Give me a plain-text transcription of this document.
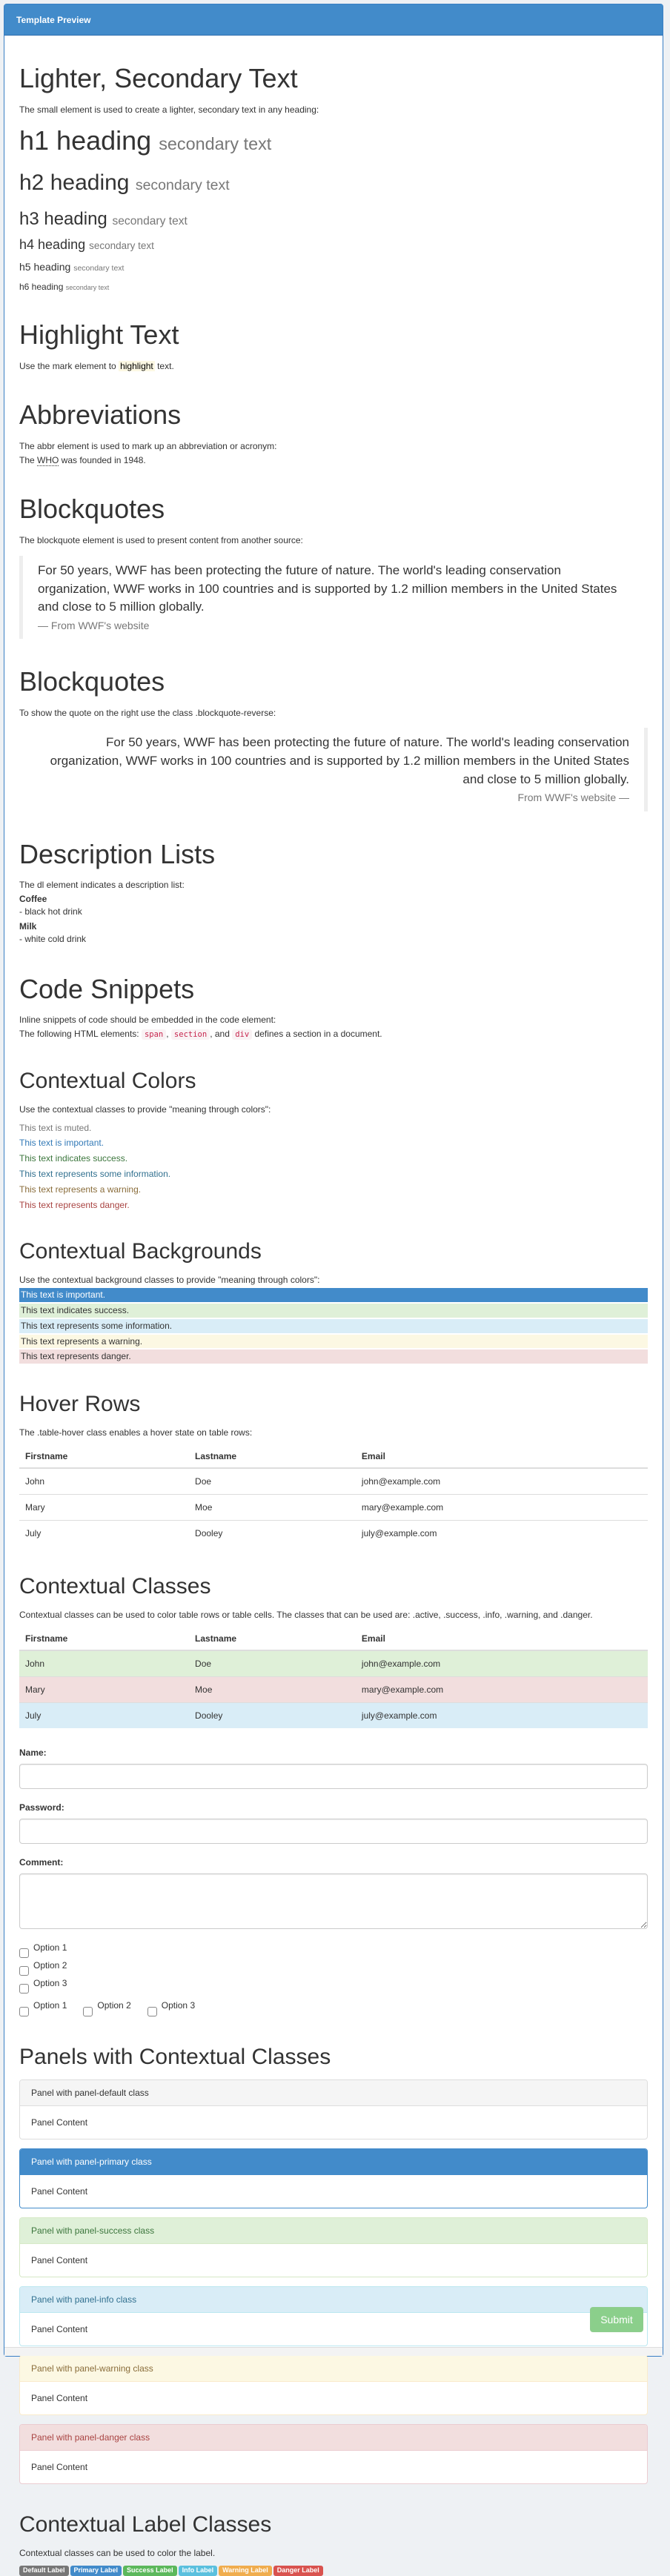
Template Preview
Lighter, Secondary Text

The small element is used to create a lighter, secondary text in any heading:

h1 heading secondary text
h2 heading secondary text
h3 heading secondary text
h4 heading secondary text
h5 heading secondary text
h6 heading secondary text
Highlight Text

Use the mark element to highlight text.

Abbreviations

The abbr element is used to mark up an abbreviation or acronym:

The WHO was founded in 1948.

Blockquotes

The blockquote element is used to present content from another source:

For 50 years, WWF has been protecting the future of nature. The world's leading conservation organization, WWF works in 100 countries and is supported by 1.2 million members in the United States and close to 5 million globally.
— From WWF's website
Blockquotes

To show the quote on the right use the class .blockquote-reverse:

For 50 years, WWF has been protecting the future of nature. The world's leading conservation organization, WWF works in 100 countries and is supported by 1.2 million members in the United States and close to 5 million globally.
From WWF's website —
Description Lists

The dl element indicates a description list:

Coffee
- black hot drink
Milk
- white cold drink
Code Snippets

Inline snippets of code should be embedded in the code element:

The following HTML elements: span , section , and div defines a section in a document.

Contextual Colors

Use the contextual classes to provide "meaning through colors":

This text is muted.

This text is important.

This text indicates success.

This text represents some information.

This text represents a warning.

This text represents danger.

Contextual Backgrounds

Use the contextual background classes to provide "meaning through colors":

This text is important.
This text indicates success.
This text represents some information.
This text represents a warning.
This text represents danger.
Hover Rows

The .table-hover class enables a hover state on table rows:

Firstname	Lastname	Email
John	Doe	john@example.com
Mary	Moe	mary@example.com
July	Dooley	july@example.com
Contextual Classes

Contextual classes can be used to color table rows or table cells. The classes that can be used are: .active, .success, .info, .warning, and .danger.

Firstname	Lastname	Email
John	Doe	john@example.com
Mary	Moe	mary@example.com
July	Dooley	july@example.com
Name:
Password:
Comment:
Option 1
Option 2
Option 3
Option 1	Option 2	Option 3
Panels with Contextual Classes
Panel with panel-default class
Panel Content
Panel with panel-primary class
Panel Content
Panel with panel-success class
Panel Content
Panel with panel-info class
Panel Content
Panel with panel-warning class
Panel Content
Panel with panel-danger class
Panel Content
Contextual Label Classes

Contextual classes can be used to color the label.

Default Label Primary Label Success Label Info Label Warning Label Danger Label
Submit
